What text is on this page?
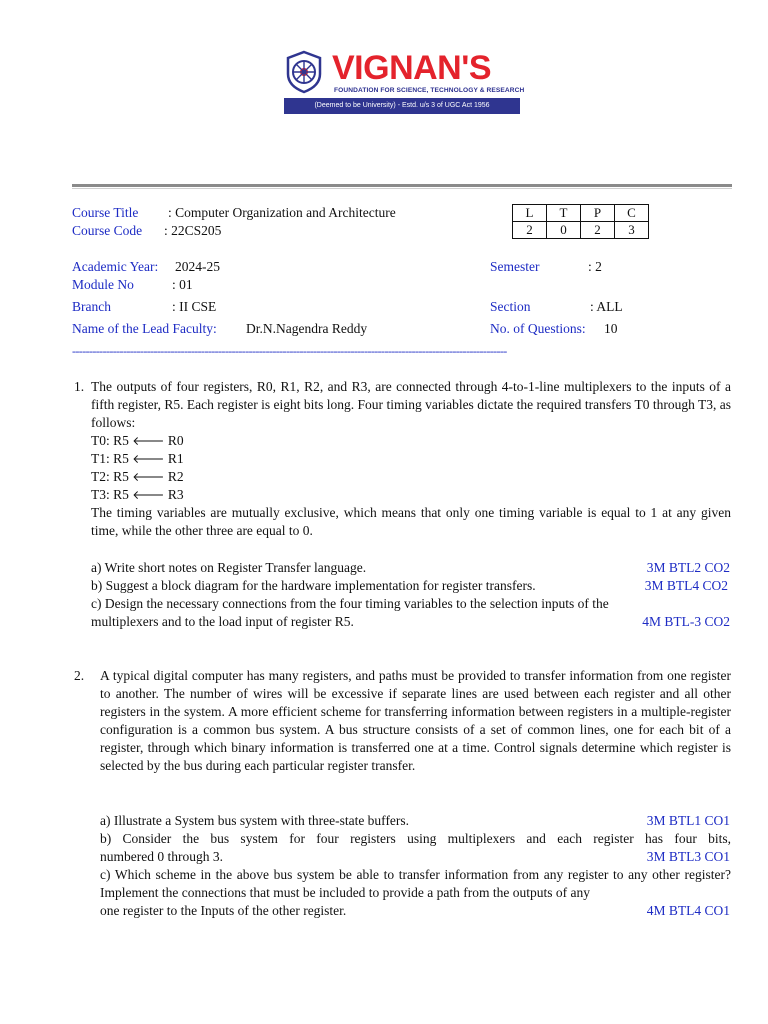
VIGNAN'S
FOUNDATION FOR SCIENCE, TECHNOLOGY & RESEARCH
(Deemed to be University) - Estd. u/s 3 of UGC Act 1956
Course Title : Computer Organization and Architecture
Course Code : 22CS205
L	T	P	C
2	0	2	3
Academic Year: 2024-25
Module No	: 01
Branch	: II CSE
Name of the Lead Faculty: Dr.N.Nagendra Reddy
Semester	: 2
Section	: ALL
No. of Questions: 10
--------------------------------------------------------------------------------------------------------------------------------
1. The outputs of four registers, R0, R1, R2, and R3, are connected through 4-to-1-line multiplexers to the inputs of a fifth register, R5. Each register is eight bits long. Four timing variables dictate the required transfers T0 through T3, as follows:
T0: R5 🡐 R0
T1: R5 🡐 R1
T2: R5 🡐 R2
T3: R5 🡐 R3
The timing variables are mutually exclusive, which means that only one timing variable is equal to 1 at any given time, while the other three are equal to 0.
a) Write short notes on Register Transfer language.	3M BTL2 CO2
b) Suggest a block diagram for the hardware implementation for register transfers.	3M BTL4 CO2
c) Design the necessary connections from the four timing variables to the selection inputs of the
multiplexers and to the load input of register R5.	4M BTL-3 CO2
2. A typical digital computer has many registers, and paths must be provided to transfer information from one register to another. The number of wires will be excessive if separate lines are used between each register and all other registers in the system. A more efficient scheme for transferring information between registers in a multiple-register configuration is a common bus system. A bus structure consists of a set of common lines, one for each bit of a register, through which binary information is transferred one at a time. Control signals determine which register is selected by the bus during each particular register transfer.
a) Illustrate a System bus system with three-state buffers.	3M BTL1 CO1
b) Consider the bus system for four registers using multiplexers and each register has four bits,
numbered 0 through 3.	3M BTL3 CO1
c) Which scheme in the above bus system be able to transfer information from any register to any other register? Implement the connections that must be included to provide a path from the outputs of any
one register to the Inputs of the other register.	4M BTL4 CO1
